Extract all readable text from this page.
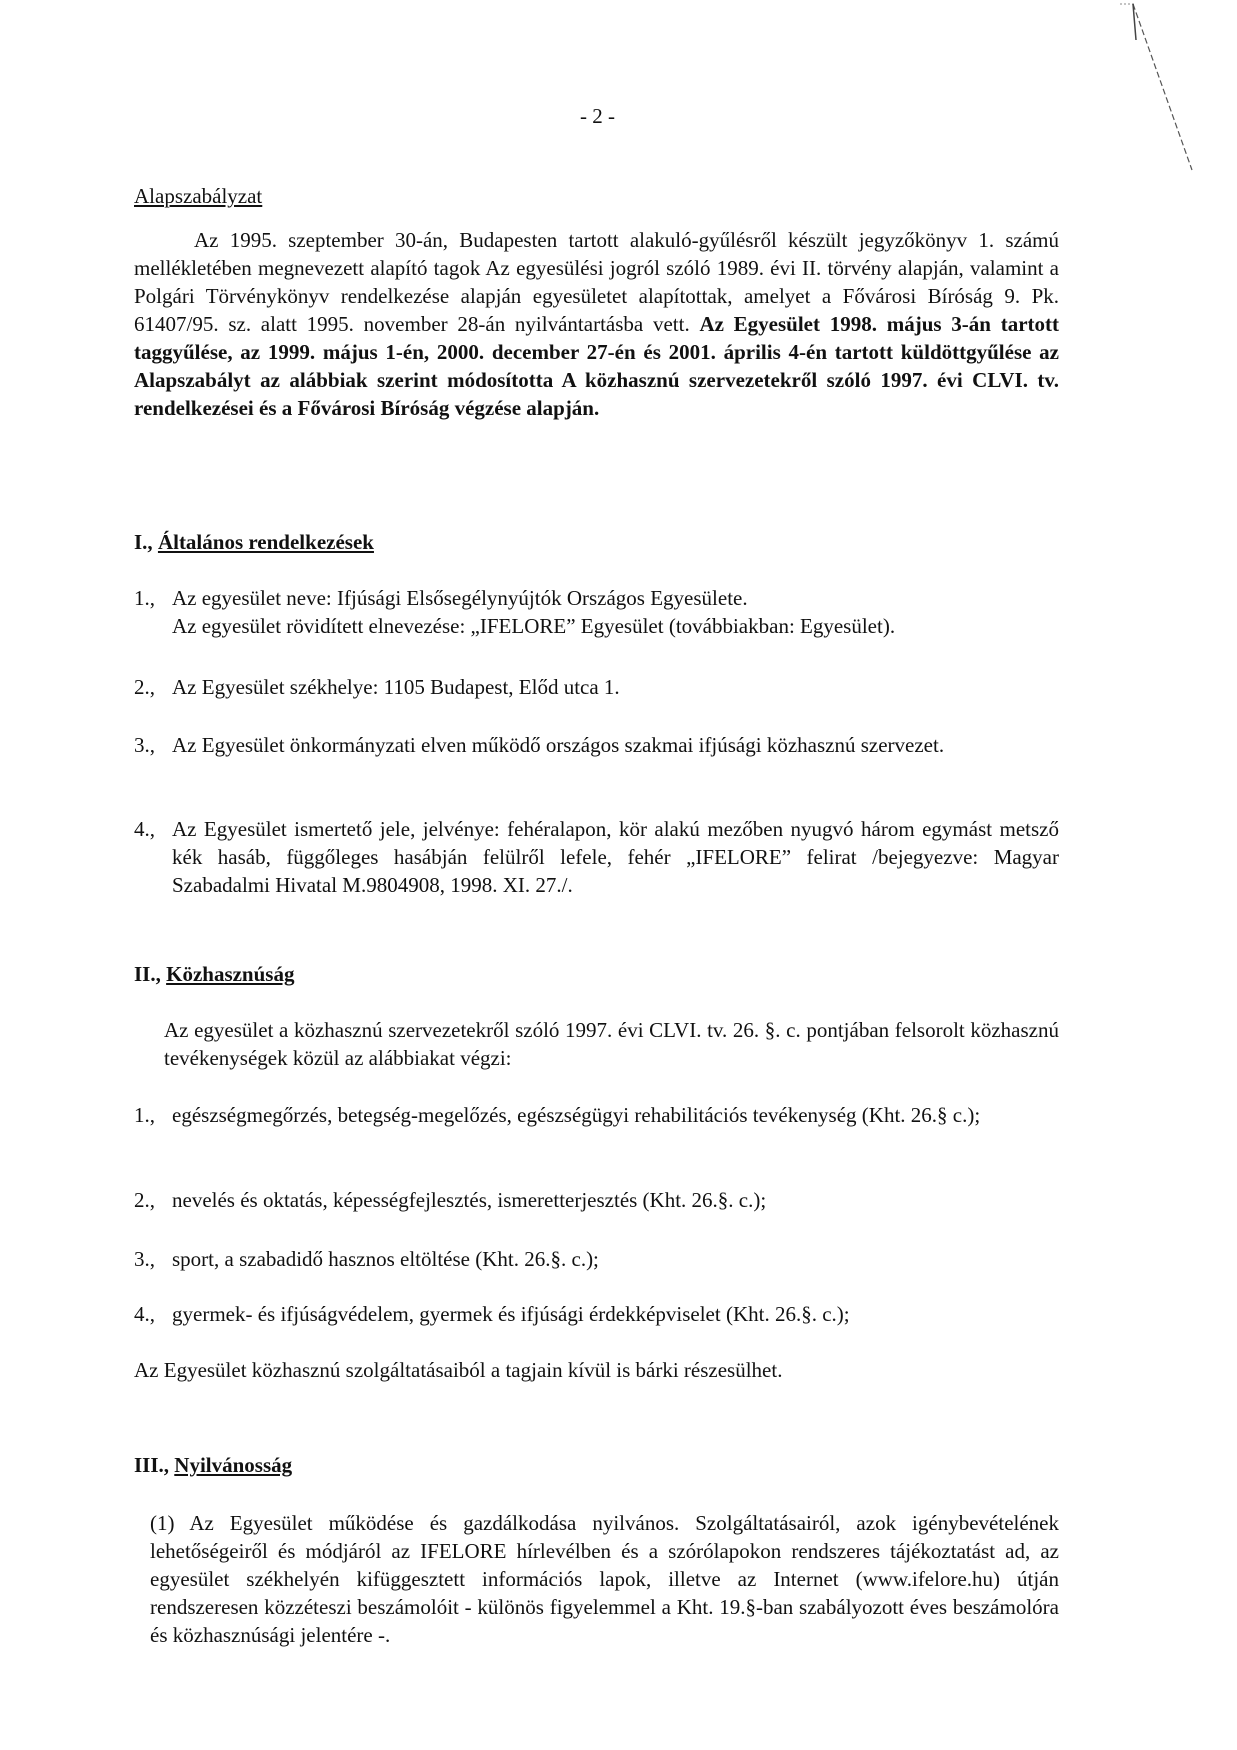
- 2 -
Alapszabályzat
Az 1995. szeptember 30-án, Budapesten tartott alakuló-gyűlésről készült jegyzőkönyv 1. számú mellékletében megnevezett alapító tagok Az egyesülési jogról szóló 1989. évi II. törvény alapján, valamint a Polgári Törvénykönyv rendelkezése alapján egyesületet alapítottak, amelyet a Fővárosi Bíróság 9. Pk. 61407/95. sz. alatt 1995. november 28-án nyilvántartásba vett. Az Egyesület 1998. május 3-án tartott taggyűlése, az 1999. május 1-én, 2000. december 27-én és 2001. április 4-én tartott küldöttgyűlése az Alapszabályt az alábbiak szerint módosította A közhasznú szervezetekről szóló 1997. évi CLVI. tv. rendelkezései és a Fővárosi Bíróság végzése alapján.
I., Általános rendelkezések
1., Az egyesület neve: Ifjúsági Elsősegélynyújtók Országos Egyesülete.
Az egyesület rövidített elnevezése: „IFELORE” Egyesület (továbbiakban: Egyesület).
2., Az Egyesület székhelye: 1105 Budapest, Előd utca 1.
3., Az Egyesület önkormányzati elven működő országos szakmai ifjúsági közhasznú szervezet.
4., Az Egyesület ismertető jele, jelvénye: fehéralapon, kör alakú mezőben nyugvó három egymást metsző kék hasáb, függőleges hasábján felülről lefele, fehér „IFELORE” felirat /bejegyezve: Magyar Szabadalmi Hivatal M.9804908, 1998. XI. 27./.
II., Közhasznúság
Az egyesület a közhasznú szervezetekről szóló 1997. évi CLVI. tv. 26. §. c. pontjában felsorolt közhasznú tevékenységek közül az alábbiakat végzi:
1., egészségmegőrzés, betegség-megelőzés, egészségügyi rehabilitációs tevékenység (Kht. 26.§ c.);
2., nevelés és oktatás, képességfejlesztés, ismeretterjesztés (Kht. 26.§. c.);
3., sport, a szabadidő hasznos eltöltése (Kht. 26.§. c.);
4., gyermek- és ifjúságvédelem, gyermek és ifjúsági érdekképviselet (Kht. 26.§. c.);
Az Egyesület közhasznú szolgáltatásaiból a tagjain kívül is bárki részesülhet.
III., Nyilvánosság
(1) Az Egyesület működése és gazdálkodása nyilvános. Szolgáltatásairól, azok igénybevételének lehetőségeiről és módjáról az IFELORE hírlevélben és a szórólapokon rendszeres tájékoztatást ad, az egyesület székhelyén kifüggesztett információs lapok, illetve az Internet (www.ifelore.hu) útján rendszeresen közzéteszi beszámolóit - különös figyelemmel a Kht. 19.§-ban szabályozott éves beszámolóra és közhasznúsági jelentére -.
